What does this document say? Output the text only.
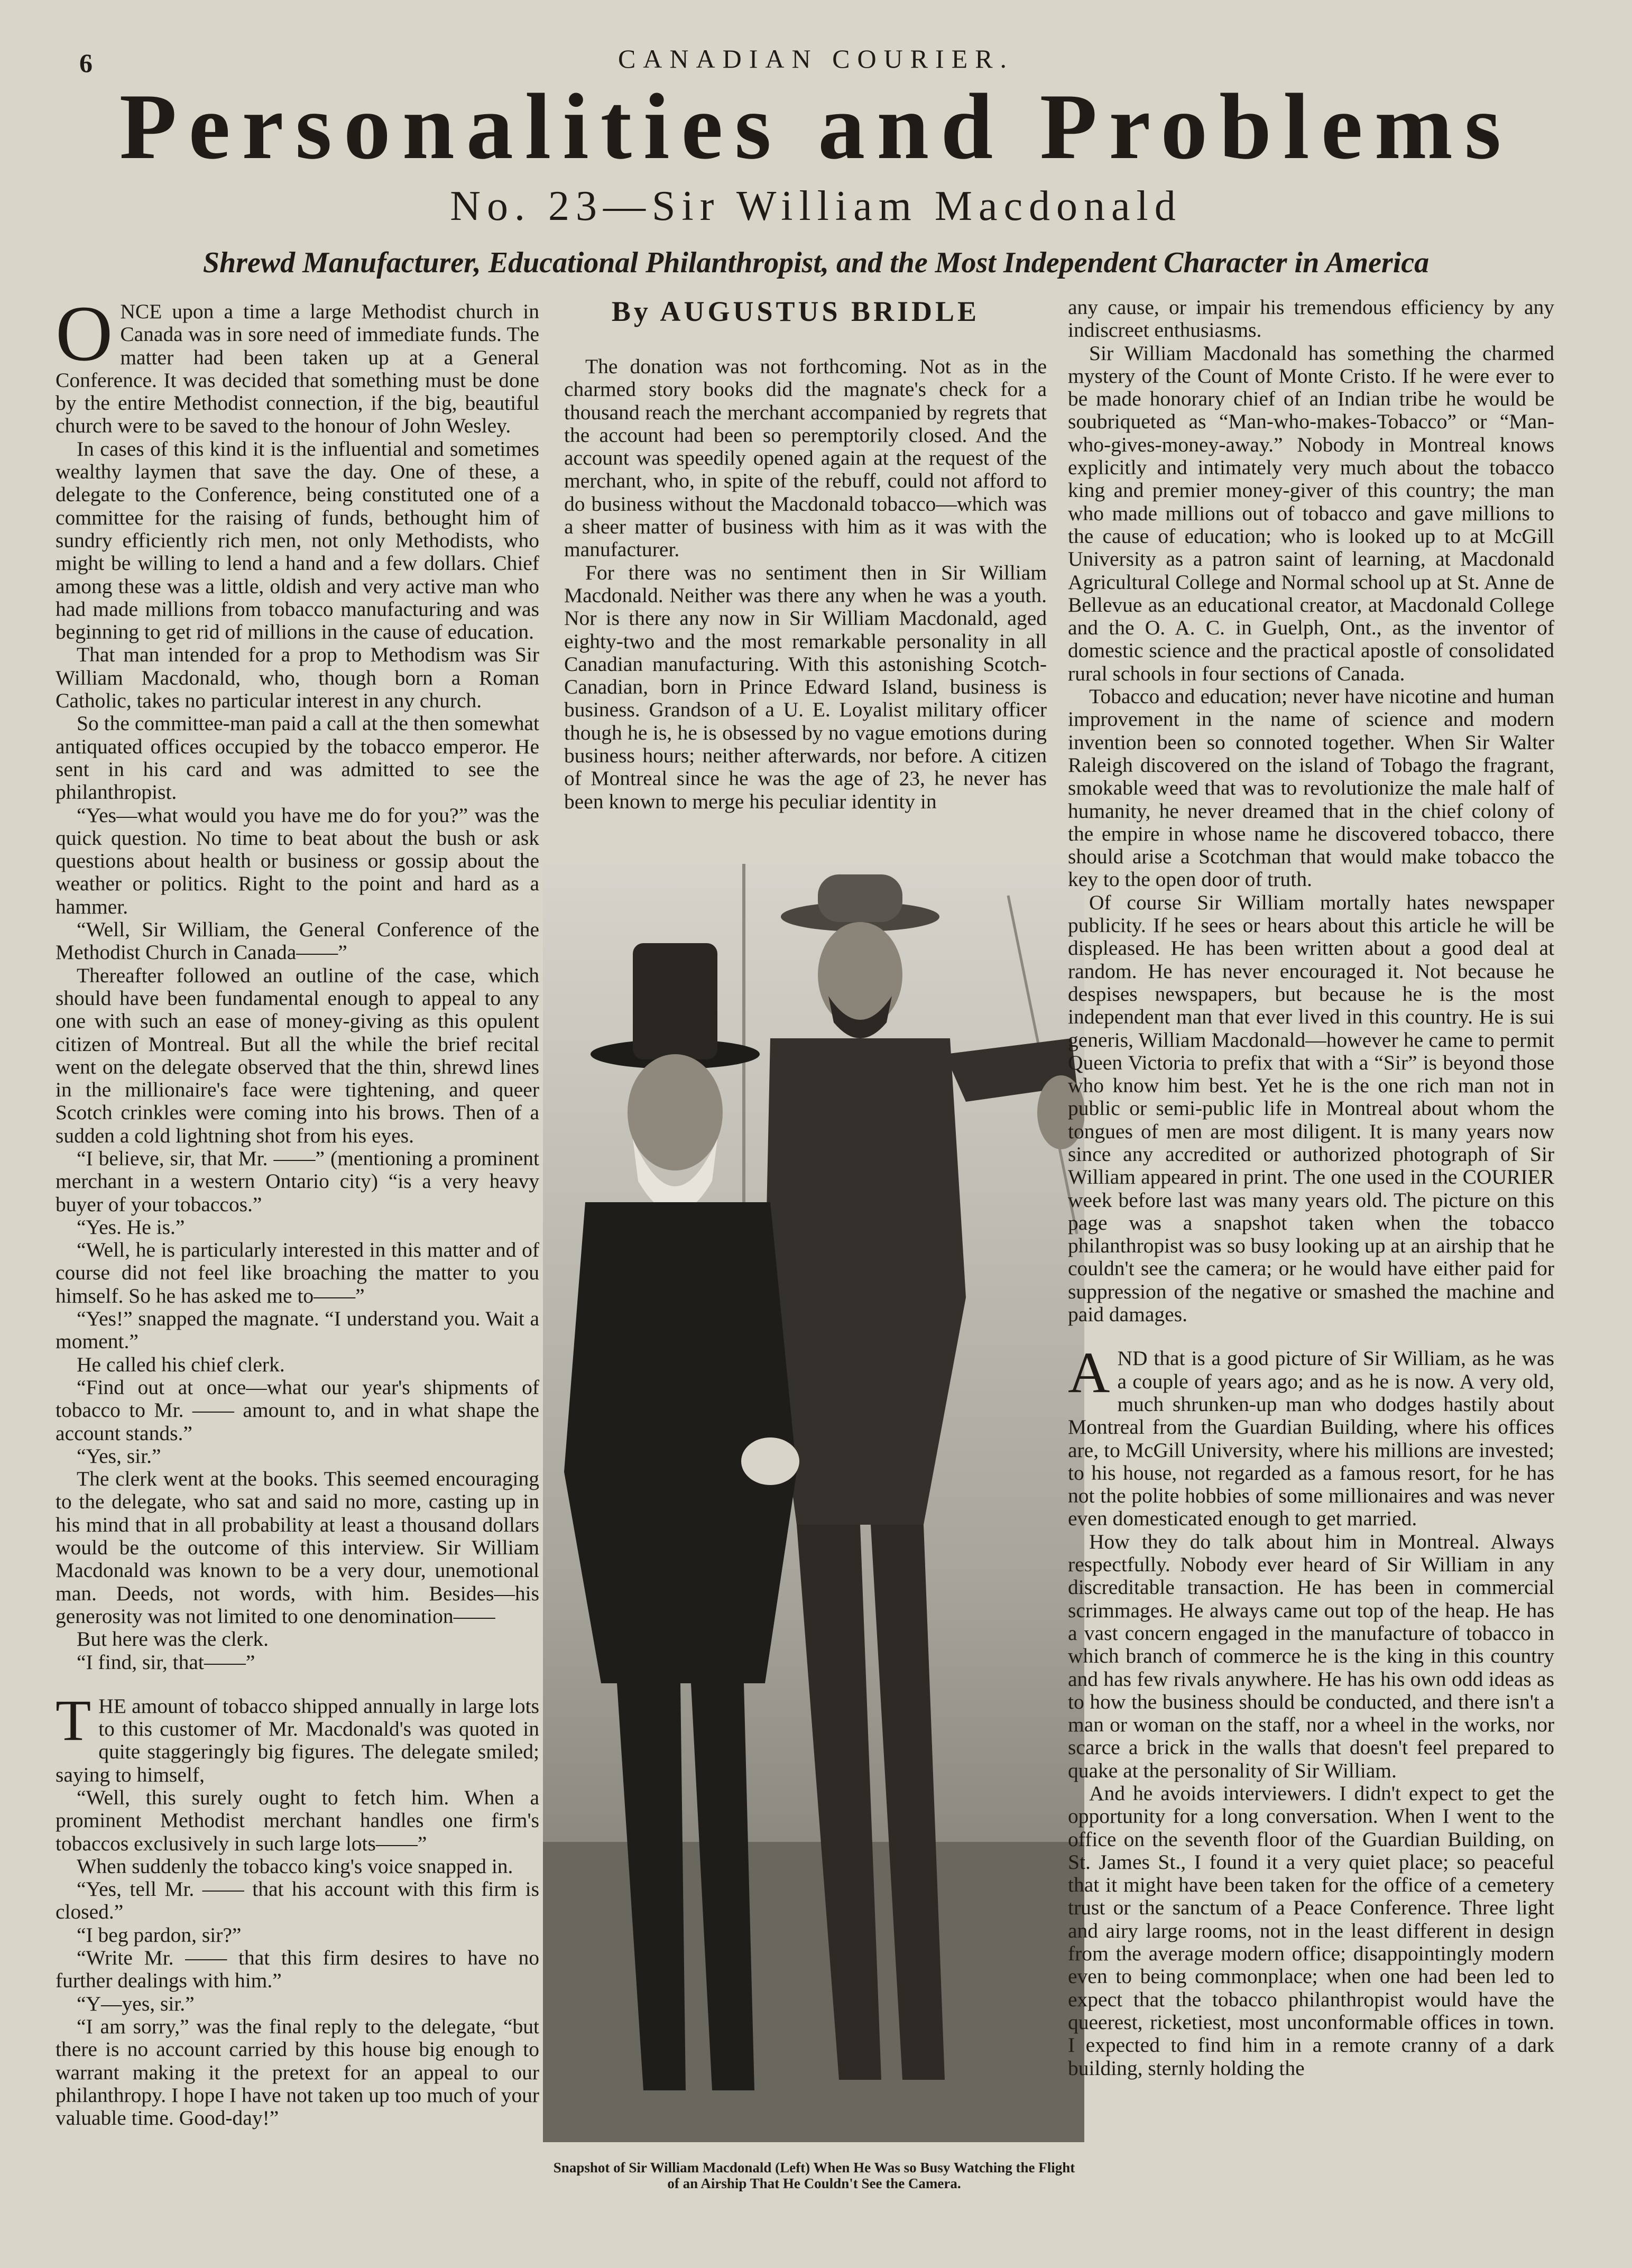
6	CANADIAN COURIER.
Personalities and Problems
No. 23—Sir William Macdonald
Shrewd Manufacturer, Educational Philanthropist, and the Most Independent Character in America

ONCE upon a time a large Methodist church in Canada was in sore need of immediate funds. The matter had been taken up at a General Conference. It was decided that something must be done by the entire Methodist connection, if the big, beautiful church were to be saved to the honour of John Wesley.

In cases of this kind it is the influential and sometimes wealthy laymen that save the day. One of these, a delegate to the Conference, being constituted one of a committee for the raising of funds, bethought him of sundry efficiently rich men, not only Methodists, who might be willing to lend a hand and a few dollars. Chief among these was a little, oldish and very active man who had made millions from tobacco manufacturing and was beginning to get rid of millions in the cause of education.

That man intended for a prop to Methodism was Sir William Macdonald, who, though born a Roman Catholic, takes no particular interest in any church.

So the committee-man paid a call at the then somewhat antiquated offices occupied by the tobacco emperor. He sent in his card and was admitted to see the philanthropist.

“Yes—what would you have me do for you?” was the quick question. No time to beat about the bush or ask questions about health or business or gossip about the weather or politics. Right to the point and hard as a hammer.

“Well, Sir William, the General Conference of the Methodist Church in Canada——”

Thereafter followed an outline of the case, which should have been fundamental enough to appeal to any one with such an ease of money-giving as this opulent citizen of Montreal. But all the while the brief recital went on the delegate observed that the thin, shrewd lines in the millionaire's face were tightening, and queer Scotch crinkles were coming into his brows. Then of a sudden a cold lightning shot from his eyes.

“I believe, sir, that Mr. ——” (mentioning a prominent merchant in a western Ontario city) “is a very heavy buyer of your tobaccos.”

“Yes. He is.”

“Well, he is particularly interested in this matter and of course did not feel like broaching the matter to you himself. So he has asked me to——”

“Yes!” snapped the magnate. “I understand you. Wait a moment.”

He called his chief clerk.

“Find out at once—what our year's shipments of tobacco to Mr. —— amount to, and in what shape the account stands.”

“Yes, sir.”

The clerk went at the books. This seemed encouraging to the delegate, who sat and said no more, casting up in his mind that in all probability at least a thousand dollars would be the outcome of this interview. Sir William Macdonald was known to be a very dour, unemotional man. Deeds, not words, with him. Besides—his generosity was not limited to one denomination——

But here was the clerk.

“I find, sir, that——”

THE amount of tobacco shipped annually in large lots to this customer of Mr. Macdonald's was quoted in quite staggeringly big figures. The delegate smiled; saying to himself,

“Well, this surely ought to fetch him. When a prominent Methodist merchant handles one firm's tobaccos exclusively in such large lots——”

When suddenly the tobacco king's voice snapped in.

“Yes, tell Mr. —— that his account with this firm is closed.”

“I beg pardon, sir?”

“Write Mr. —— that this firm desires to have no further dealings with him.”

“Y—yes, sir.”

“I am sorry,” was the final reply to the delegate, “but there is no account carried by this house big enough to warrant making it the pretext for an appeal to our philanthropy. I hope I have not taken up too much of your valuable time. Good-day!”

By AUGUSTUS BRIDLE

The donation was not forthcoming. Not as in the charmed story books did the magnate's check for a thousand reach the merchant accompanied by regrets that the account had been so peremptorily closed. And the account was speedily opened again at the request of the merchant, who, in spite of the rebuff, could not afford to do business without the Macdonald tobacco—which was a sheer matter of business with him as it was with the manufacturer.

For there was no sentiment then in Sir William Macdonald. Neither was there any when he was a youth. Nor is there any now in Sir William Macdonald, aged eighty-two and the most remarkable personality in all Canadian manufacturing. With this astonishing Scotch-Canadian, born in Prince Edward Island, business is business. Grandson of a U. E. Loyalist military officer though he is, he is obsessed by no vague emotions during business hours; neither afterwards, nor before. A citizen of Montreal since he was the age of 23, he never has been known to merge his peculiar identity in

Snapshot of Sir William Macdonald (Left) When He Was so Busy Watching the Flight of an Airship That He Couldn't See the Camera.

any cause, or impair his tremendous efficiency by any indiscreet enthusiasms.

Sir William Macdonald has something the charmed mystery of the Count of Monte Cristo. If he were ever to be made honorary chief of an Indian tribe he would be soubriqueted as “Man-who-makes-Tobacco” or “Man-who-gives-money-away.” Nobody in Montreal knows explicitly and intimately very much about the tobacco king and premier money-giver of this country; the man who made millions out of tobacco and gave millions to the cause of education; who is looked up to at McGill University as a patron saint of learning, at Macdonald Agricultural College and Normal school up at St. Anne de Bellevue as an educational creator, at Macdonald College and the O. A. C. in Guelph, Ont., as the inventor of domestic science and the practical apostle of consolidated rural schools in four sections of Canada.

Tobacco and education; never have nicotine and human improvement in the name of science and modern invention been so connoted together. When Sir Walter Raleigh discovered on the island of Tobago the fragrant, smokable weed that was to revolutionize the male half of humanity, he never dreamed that in the chief colony of the empire in whose name he discovered tobacco, there should arise a Scotchman that would make tobacco the key to the open door of truth.

Of course Sir William mortally hates newspaper publicity. If he sees or hears about this article he will be displeased. He has been written about a good deal at random. He has never encouraged it. Not because he despises newspapers, but because he is the most independent man that ever lived in this country. He is sui generis, William Macdonald—however he came to permit Queen Victoria to prefix that with a “Sir” is beyond those who know him best. Yet he is the one rich man not in public or semi-public life in Montreal about whom the tongues of men are most diligent. It is many years now since any accredited or authorized photograph of Sir William appeared in print. The one used in the COURIER week before last was many years old. The picture on this page was a snapshot taken when the tobacco philanthropist was so busy looking up at an airship that he couldn't see the camera; or he would have either paid for suppression of the negative or smashed the machine and paid damages.

AND that is a good picture of Sir William, as he was a couple of years ago; and as he is now. A very old, much shrunken-up man who dodges hastily about Montreal from the Guardian Building, where his offices are, to McGill University, where his millions are invested; to his house, not regarded as a famous resort, for he has not the polite hobbies of some millionaires and was never even domesticated enough to get married.

How they do talk about him in Montreal. Always respectfully. Nobody ever heard of Sir William in any discreditable transaction. He has been in commercial scrimmages. He always came out top of the heap. He has a vast concern engaged in the manufacture of tobacco in which branch of commerce he is the king in this country and has few rivals anywhere. He has his own odd ideas as to how the business should be conducted, and there isn't a man or woman on the staff, nor a wheel in the works, nor scarce a brick in the walls that doesn't feel prepared to quake at the personality of Sir William.

And he avoids interviewers. I didn't expect to get the opportunity for a long conversation. When I went to the office on the seventh floor of the Guardian Building, on St. James St., I found it a very quiet place; so peaceful that it might have been taken for the office of a cemetery trust or the sanctum of a Peace Conference. Three light and airy large rooms, not in the least different in design from the average modern office; disappointingly modern even to being commonplace; when one had been led to expect that the tobacco philanthropist would have the queerest, ricketiest, most unconformable offices in town. I expected to find him in a remote cranny of a dark building, sternly holding the
